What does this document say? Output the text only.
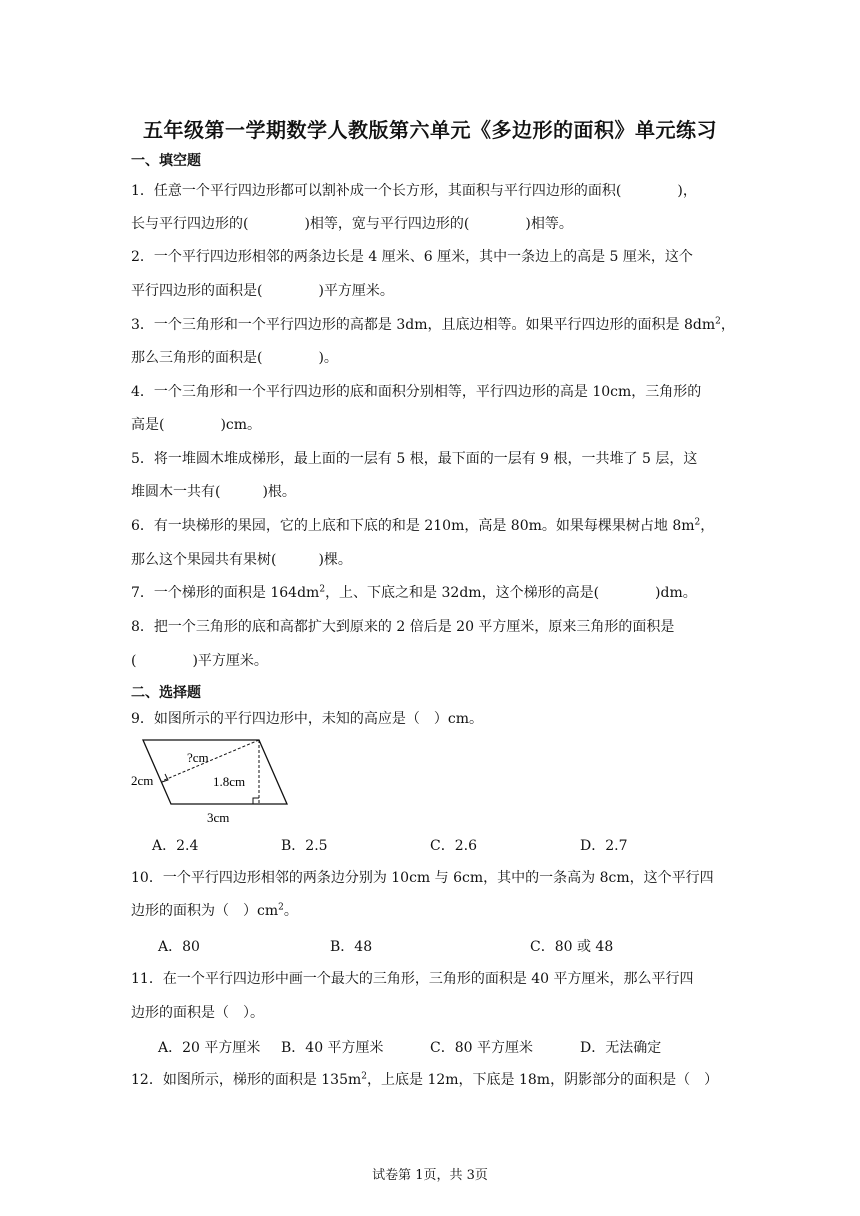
五年级第一学期数学人教版第六单元《多边形的面积》单元练习
一、填空题
1．任意一个平行四边形都可以割补成一个长方形，其面积与平行四边形的面积(　　　　)，
长与平行四边形的(　　　　)相等，宽与平行四边形的(　　　　)相等。
2．一个平行四边形相邻的两条边长是 4 厘米、6 厘米，其中一条边上的高是 5 厘米，这个
平行四边形的面积是(　　　　)平方厘米。
3．一个三角形和一个平行四边形的高都是 3dm，且底边相等。如果平行四边形的面积是 $8dm^2$，
那么三角形的面积是(　　　　)。
4．一个三角形和一个平行四边形的底和面积分别相等，平行四边形的高是 10cm，三角形的
高是(　　　　)cm。
5．将一堆圆木堆成梯形，最上面的一层有 5 根，最下面的一层有 9 根，一共堆了 5 层，这
堆圆木一共有(　　　)根。
6．有一块梯形的果园，它的上底和下底的和是 210m，高是 80m。如果每棵果树占地 $8m^2$，
那么这个果园共有果树(　　　)棵。
7．一个梯形的面积是 $164dm^2$，上、下底之和是 32dm，这个梯形的高是(　　　　)dm。
8．把一个三角形的底和高都扩大到原来的 2 倍后是 20 平方厘米，原来三角形的面积是
(　　　　)平方厘米。
二、选择题
9．如图所示的平行四边形中，未知的高应是（　）cm。
?cm
2cm	1.8cm
3cm
A．2.4	B．2.5	C．2.6	D．2.7
10．一个平行四边形相邻的两条边分别为 10cm 与 6cm，其中的一条高为 8cm，这个平行四
边形的面积为（　）$cm^2$。
A．80	B．48	C．80 或 48
11．在一个平行四边形中画一个最大的三角形，三角形的面积是 40 平方厘米，那么平行四
边形的面积是（　）。
A．20 平方厘米 B．40 平方厘米	C．80 平方厘米	D．无法确定
12．如图所示，梯形的面积是 $135m^2$，上底是 12m，下底是 18m，阴影部分的面积是（　）
试卷第 1页，共 3页
